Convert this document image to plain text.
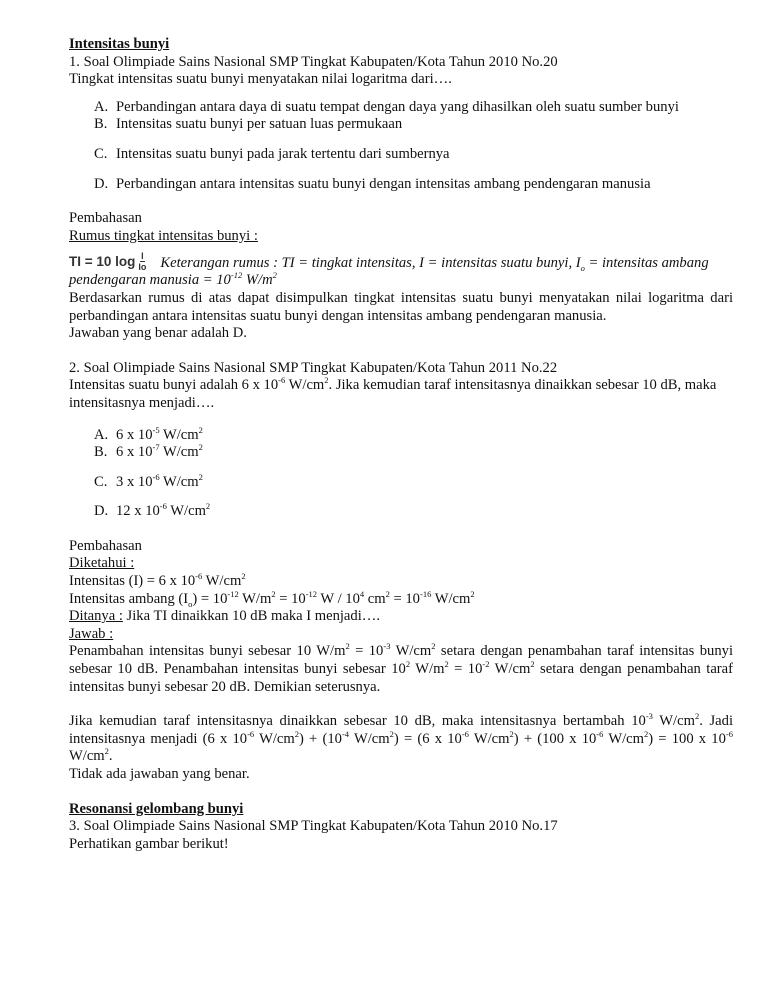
Intensitas bunyi

1. Soal Olimpiade Sains Nasional SMP Tingkat Kabupaten/Kota Tahun 2010 No.20

Tingkat intensitas suatu bunyi menyatakan nilai logaritma dari….

A. Perbandingan antara daya di suatu tempat dengan daya yang dihasilkan oleh suatu sumber bunyi
B. Intensitas suatu bunyi per satuan luas permukaan
C. Intensitas suatu bunyi pada jarak tertentu dari sumbernya
D. Perbandingan antara intensitas suatu bunyi dengan intensitas ambang pendengaran manusia

Pembahasan

Rumus tingkat intensitas bunyi :

TI = 10 $\log \frac{I}{Io}$ Keterangan rumus : TI = tingkat intensitas, I = intensitas suatu bunyi, $I_o$ = intensitas ambang

pendengaran manusia = $10^{-12}$ $W/m^2$

Berdasarkan rumus di atas dapat disimpulkan tingkat intensitas suatu bunyi menyatakan nilai logaritma dari perbandingan antara intensitas suatu bunyi dengan intensitas ambang pendengaran manusia.

Jawaban yang benar adalah D.

2. Soal Olimpiade Sains Nasional SMP Tingkat Kabupaten/Kota Tahun 2011 No.22

Intensitas suatu bunyi adalah 6 x $10^{-6}$ $W/cm^2$. Jika kemudian taraf intensitasnya dinaikkan sebesar 10 dB, maka intensitasnya menjadi….

A. 6 x $10^{-5}$ $W/cm^2$
B. 6 x $10^{-7}$ $W/cm^2$
C. 3 x $10^{-6}$ $W/cm^2$
D. 12 x $10^{-6}$ $W/cm^2$

Pembahasan

Diketahui :

Intensitas (I) = 6 x $10^{-6}$ $W/cm^2$

Intensitas ambang $(I_o) = 10^{-12}$ $W/m^2 = 10^{-12}$ W / $10^4$ $cm^2 = 10^{-16}$ $W/cm^2$

Ditanya : Jika TI dinaikkan 10 dB maka I menjadi….

Jawab :

Penambahan intensitas bunyi sebesar 10 $W/m^2 = 10^{-3}$ $W/cm^2$ setara dengan penambahan taraf intensitas bunyi sebesar 10 dB. Penambahan intensitas bunyi sebesar $10^2$ $W/m^2 = 10^{-2}$ $W/cm^2$ setara dengan penambahan taraf intensitas bunyi sebesar 20 dB. Demikian seterusnya.

Jika kemudian taraf intensitasnya dinaikkan sebesar 10 dB, maka intensitasnya bertambah $10^{-3}$ $W/cm^2$. Jadi intensitasnya menjadi (6 x $10^{-6}$ $W/cm^2) + (10^{-4}$ $W/cm^2) = (6$ x $10^{-6}$ $W/cm^2) + (100$ x $10^{-6}$ $W/cm^2) = 100$ x $10^{-6}$ $W/cm^2$.

Tidak ada jawaban yang benar.

Resonansi gelombang bunyi

3. Soal Olimpiade Sains Nasional SMP Tingkat Kabupaten/Kota Tahun 2010 No.17

Perhatikan gambar berikut!
